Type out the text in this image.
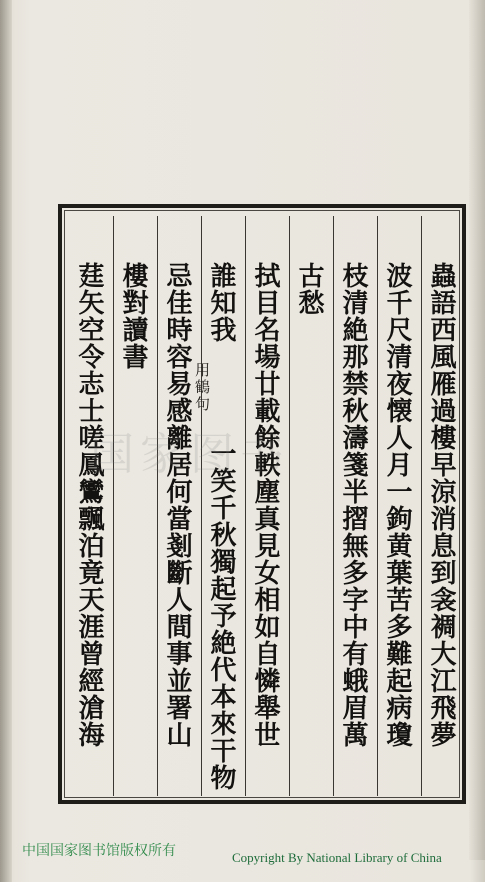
蟲語西風雁過樓早涼消息到衾裯大江飛夢
波千尺清夜懐人月一鉤黄葉苦多難起病瓊
枝清絶那禁秋濤箋半摺無多字中有蛾眉萬
古愁
拭目名場廿載餘軼塵真見女相如自憐舉世
誰知我
用鶴句
一笑千秋獨起予絶代本來干物
忌佳時容易感離居何當剗斷人間事並署山
樓對讀書
莛矢空令志士嗟鳳鸞飄泊竟天涯曾經滄海
国家图书
中国国家图书馆版权所有	Copyright By National Library of China
